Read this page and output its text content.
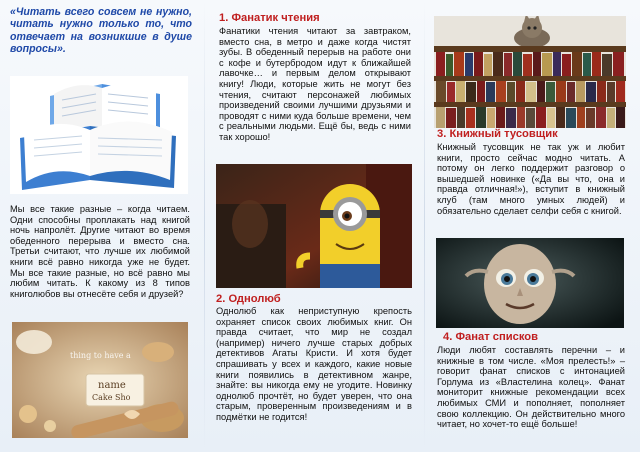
«Читать всего совсем не нужно, читать нужно только то, что отвечает на возникшие в душе вопросы».
Мы все такие разные – когда читаем. Одни способны проплакать над книгой ночь напролёт. Другие читают во время обеденного перерыва и вместо сна. Третьи считают, что лучше их любимой книги всё равно никогда уже не будет. Мы все такие разные, но всё равно мы любим читать. К какому из 8 типов книголюбов вы отнесёте себя и друзей?
name
Cake Sho
thing to have a
1. Фанатик чтения
Фанатики чтения читают за завтраком, вместо сна, в метро и даже когда чистят зубы. В обеденный перерыв на работе они с кофе и бутербродом идут к ближайшей лавочке… и первым делом открывают книгу! Люди, которые жить не могут без чтения, считают персонажей любимых произведений своими лучшими друзьями и проводят с ними куда больше времени, чем с реальными людьми. Ещё бы, ведь с ними так хорошо!
2. Однолюб
Однолюб как неприступную крепость охраняет список своих любимых книг. Он правда считает, что мир не создал (например) ничего лучше старых добрых детективов Агаты Кристи. И хотя будет спрашивать у всех и каждого, какие новые книги появились в детективном жанре, знайте: вы никогда ему не угодите. Новинку однолюб прочтёт, но будет уверен, что она старым, проверенным произведениям и в подмётки не годится!
3. Книжный тусовщик
Книжный тусовщик не так уж и любит книги, просто сейчас модно читать. А потому он легко поддержит разговор о вышедшей новинке («Да вы что, она и правда отличная!»), вступит в книжный клуб (там много умных людей) и обязательно сделает селфи себя с книгой.
4. Фанат списков
Люди любят составлять перечни – и книжные в том числе. «Моя прелесть!» – говорит фанат списков с интонацией Горлума из «Властелина колец». Фанат мониторит книжные рекомендации всех любимых СМИ и пополняет, пополняет свою коллекцию. Он действительно много читает, но хочет-то ещё больше!
